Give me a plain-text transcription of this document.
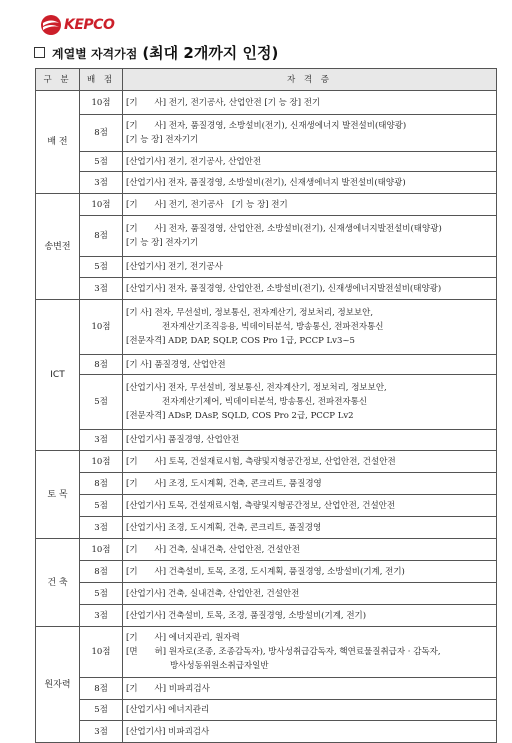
KEPCO
계열별 자격가점 (최대 2개까지 인정)
구 분	배 점	자 격 증
배 전	10점	[기　　사] 전기, 전기공사, 산업안전 [기 능 장] 전기

	8점	[기　　사] 전자, 품질경영, 소방설비(전기), 신재생에너지 발전설비(태양광)
[기 능 장] 전자기기

	5점	[산업기사] 전기, 전기공사, 산업안전

	3점	[산업기사] 전자, 품질경영, 소방설비(전기), 신재생에너지 발전설비(태양광)

송변전	10점	[기　　사] 전기, 전기공사　[기 능 장] 전기

	8점	[기　　사] 전자, 품질경영, 산업안전, 소방설비(전기), 신재생에너지발전설비(태양광)
[기 능 장] 전자기기

	5점	[산업기사] 전기, 전기공사

	3점	[산업기사] 전자, 품질경영, 산업안전, 소방설비(전기), 신재생에너지발전설비(태양광)

ICT	10점	[기 사] 전자, 무선설비, 정보통신, 전자계산기, 정보처리, 정보보안,
전자계산기조직응용, 빅데이터분석, 방송통신, 전파전자통신
[전문자격] ADP, DAP, SQLP, COS Pro 1급, PCCP Lv3~5

	8점	[기 사] 품질경영, 산업안전

	5점	[산업기사] 전자, 무선설비, 정보통신, 전자계산기, 정보처리, 정보보안,
전자계산기제어, 빅데이터분석, 방송통신, 전파전자통신
[전문자격] ADsP, DAsP, SQLD, COS Pro 2급, PCCP Lv2

	3점	[산업기사] 품질경영, 산업안전

토 목	10점	[기　　사] 토목, 건설재료시험, 측량및지형공간정보, 산업안전, 건설안전

	8점	[기　　사] 조경, 도시계획, 건축, 콘크리트, 품질경영

	5점	[산업기사] 토목, 건설재료시험, 측량및지형공간정보, 산업안전, 건설안전

	3점	[산업기사] 조경, 도시계획, 건축, 콘크리트, 품질경영

건 축	10점	[기　　사] 건축, 실내건축, 산업안전, 건설안전

	8점	[기　　사] 건축설비, 토목, 조경, 도시계획, 품질경영, 소방설비(기계, 전기)

	5점	[산업기사] 건축, 실내건축, 산업안전, 건설안전

	3점	[산업기사] 건축설비, 토목, 조경, 품질경영, 소방설비(기계, 전기)

원자력	10점	[기　　사] 에너지관리, 원자력
[면　　허] 원자로(조종, 조종감독자), 방사성취급감독자, 핵연료물질취급자 · 감독자,
방사성동위원소취급자일반

	8점	[기　　사] 비파괴검사

	5점	[산업기사] 에너지관리

	3점	[산업기사] 비파괴검사
